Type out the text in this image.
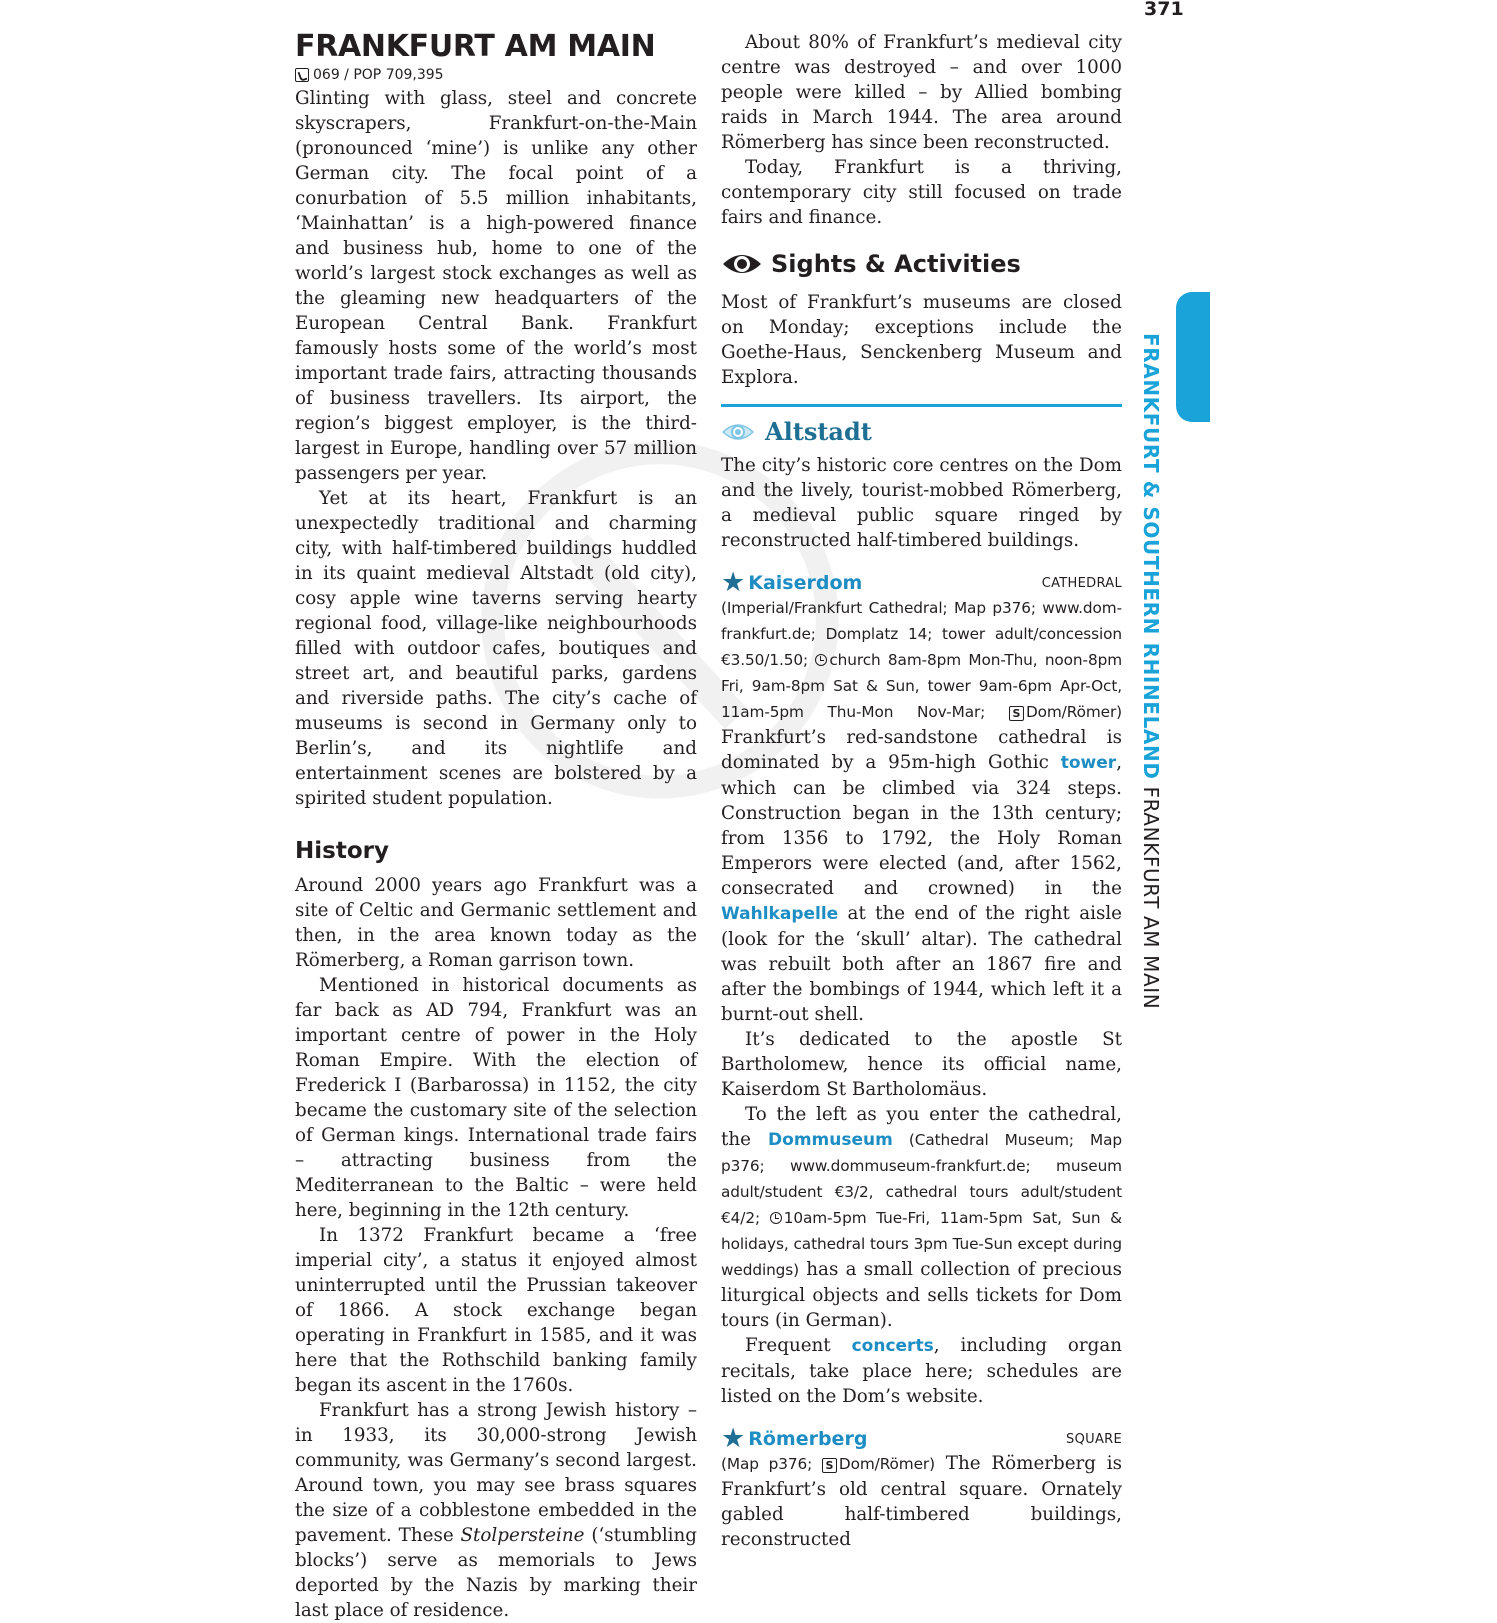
371
FRANKFURT & SOUTHERN RHINELAND FRANKFURT AM MAIN
FRANKFURT AM MAIN
069 / POP 709,395

Glinting with glass, steel and concrete skyscrapers, Frankfurt-on-the-Main (pronounced ‘mine’) is unlike any other German city. The focal point of a conurbation of 5.5 million inhabitants, ‘Mainhattan’ is a high-powered finance and business hub, home to one of the world’s largest stock exchanges as well as the gleaming new headquarters of the European Central Bank. Frankfurt famously hosts some of the world’s most important trade fairs, attracting thousands of business travellers. Its airport, the region’s biggest employer, is the third-largest in Europe, handling over 57 million passengers per year.

Yet at its heart, Frankfurt is an unexpectedly traditional and charming city, with half-timbered buildings huddled in its quaint medieval Altstadt (old city), cosy apple wine taverns serving hearty regional food, village-like neighbourhoods filled with outdoor cafes, boutiques and street art, and beautiful parks, gardens and riverside paths. The city’s cache of museums is second in Germany only to Berlin’s, and its nightlife and entertainment scenes are bolstered by a spirited student population.

History

Around 2000 years ago Frankfurt was a site of Celtic and Germanic settlement and then, in the area known today as the Römerberg, a Roman garrison town.

Mentioned in historical documents as far back as AD 794, Frankfurt was an important centre of power in the Holy Roman Empire. With the election of Frederick I (Barbarossa) in 1152, the city became the customary site of the selection of German kings. International trade fairs – attracting business from the Mediterranean to the Baltic – were held here, beginning in the 12th century.

In 1372 Frankfurt became a ‘free imperial city’, a status it enjoyed almost uninterrupted until the Prussian takeover of 1866. A stock exchange began operating in Frankfurt in 1585, and it was here that the Rothschild banking family began its ascent in the 1760s.

Frankfurt has a strong Jewish history – in 1933, its 30,000-strong Jewish community, was Germany’s second largest. Around town, you may see brass squares the size of a cobblestone embedded in the pavement. These Stolpersteine (‘stumbling blocks’) serve as memorials to Jews deported by the Nazis by marking their last place of residence.

About 80% of Frankfurt’s medieval city centre was destroyed – and over 1000 people were killed – by Allied bombing raids in March 1944. The area around Römerberg has since been reconstructed.

Today, Frankfurt is a thriving, contemporary city still focused on trade fairs and finance.

Sights & Activities

Most of Frankfurt’s museums are closed on Monday; exceptions include the Goethe-Haus, Senckenberg Museum and Explora.

Altstadt

The city’s historic core centres on the Dom and the lively, tourist-mobbed Römerberg, a medieval public square ringed by reconstructed half-timbered buildings.

★ Kaiserdom	CATHEDRAL

(Imperial/Frankfurt Cathedral; Map p376; www.dom-frankfurt.de; Domplatz 14; tower adult/concession €3.50/1.50; church 8am-8pm Mon-Thu, noon-8pm Fri, 9am-8pm Sat & Sun, tower 9am-6pm Apr-Oct, 11am-5pm Thu-Mon Nov-Mar; S Dom/Römer) Frankfurt’s red-sandstone cathedral is dominated by a 95m-high Gothic tower, which can be climbed via 324 steps. Construction began in the 13th century; from 1356 to 1792, the Holy Roman Emperors were elected (and, after 1562, consecrated and crowned) in the Wahlkapelle at the end of the right aisle (look for the ‘skull’ altar). The cathedral was rebuilt both after an 1867 fire and after the bombings of 1944, which left it a burnt-out shell.

It’s dedicated to the apostle St Bartholomew, hence its official name, Kaiserdom St Bartholomäus.

To the left as you enter the cathedral, the Dommuseum (Cathedral Museum; Map p376; www.dommuseum-frankfurt.de; museum adult/student €3/2, cathedral tours adult/student €4/2; 10am-5pm Tue-Fri, 11am-5pm Sat, Sun & holidays, cathedral tours 3pm Tue-Sun except during weddings) has a small collection of precious liturgical objects and sells tickets for Dom tours (in German).

Frequent concerts, including organ recitals, take place here; schedules are listed on the Dom’s website.

★ Römerberg	SQUARE

(Map p376; S Dom/Römer) The Römerberg is Frankfurt’s old central square. Ornately gabled half-timbered buildings, reconstructed
